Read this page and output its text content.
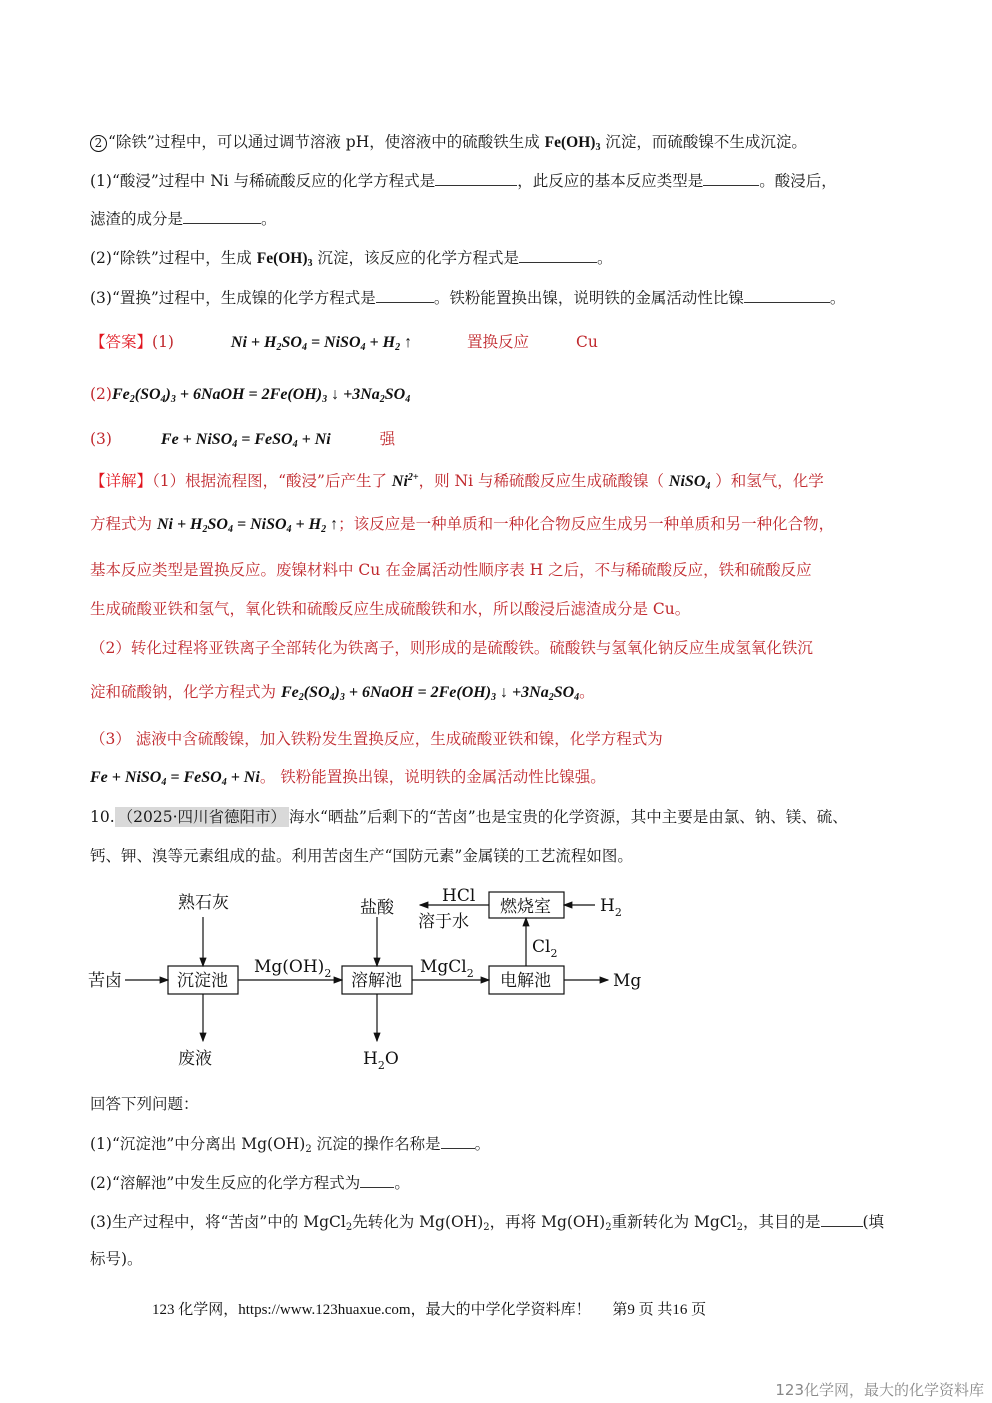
2 “除铁”过程中，可以通过调节溶液 pH，使溶液中的硫酸铁生成 $Fe(OH)_3$ 沉淀，而硫酸镍不生成沉淀。
(1)“酸浸”过程中 Ni 与稀硫酸反应的化学方程式是	，此反应的基本反应类型是	。酸浸后，
滤渣的成分是	。
(2)“除铁”过程中，生成 $Fe(OH)_3$ 沉淀，该反应的化学方程式是	。
(3)“置换”过程中，生成镍的化学方程式是	。铁粉能置换出镍，说明铁的金属活动性比镍	。
【答案】(1)	$Ni + H_2SO_4$ = NiSO$_4$ + $H_2$ ↑	置换反应	Cu
$(2)Fe_2(SO_4)_3$ + 6NaOH = $2Fe(OH)_3$ ↓ $+3Na_2SO_4$
(3)	Fe + NiSO$_4$ = FeSO$_4$ + Ni	强
【详解】（1）根据流程图，“酸浸”后产生了 $Ni^{2+}$，则 Ni 与稀硫酸反应生成硫酸镍（ NiSO$_4$ ）和氢气，化学
方程式为 $Ni + H_2SO_4$ = NiSO$_4$ + $H_2$ ↑；该反应是一种单质和一种化合物反应生成另一种单质和另一种化合物，
基本反应类型是置换反应。废镍材料中 Cu 在金属活动性顺序表 H 之后，不与稀硫酸反应，铁和硫酸反应
生成硫酸亚铁和氢气，氧化铁和硫酸反应生成硫酸铁和水，所以酸浸后滤渣成分是 Cu。
（2）转化过程将亚铁离子全部转化为铁离子，则形成的是硫酸铁。硫酸铁与氢氧化钠反应生成氢氧化铁沉
淀和硫酸钠，化学方程式为 $Fe_2(SO_4)_3$ + 6NaOH = $2Fe(OH)_3$ ↓ $+3Na_2SO_4$。
（3） 滤液中含硫酸镍，加入铁粉发生置换反应，生成硫酸亚铁和镍，化学方程式为
Fe + NiSO$_4$ = FeSO$_4$ + Ni。 铁粉能置换出镍，说明铁的金属活动性比镍强。
10. （2025·四川省德阳市） 海水“晒盐”后剩下的“苦卤”也是宝贵的化学资源，其中主要是由氯、钠、镁、硫、
钙、钾、溴等元素组成的盐。利用苦卤生产“国防元素”金属镁的工艺流程如图。
沉淀池	溶解池	电解池
燃烧室
苦卤
熟石灰	盐酸
废液
Mg
$Mg(OH)_2$	MgCl$_2$
$Cl_2$
$H_2$
$H_2O$
HCl
溶于水
回答下列问题：
(1)“沉淀池”中分离出 $Mg(OH)_2$ 沉淀的操作名称是 。
(2)“溶解池”中发生反应的化学方程式为 。
(3)生产过程中，将“苦卤”中的 MgCl$_2$先转化为 $Mg(OH)_2$，再将 $Mg(OH)_2$重新转化为 MgCl$_2$，其目的是	(填
标号)。
123 化学网，https://www.123huaxue.com，最大的中学化学资料库！ 第9 页 共16 页
123化学网，最大的化学资料库
